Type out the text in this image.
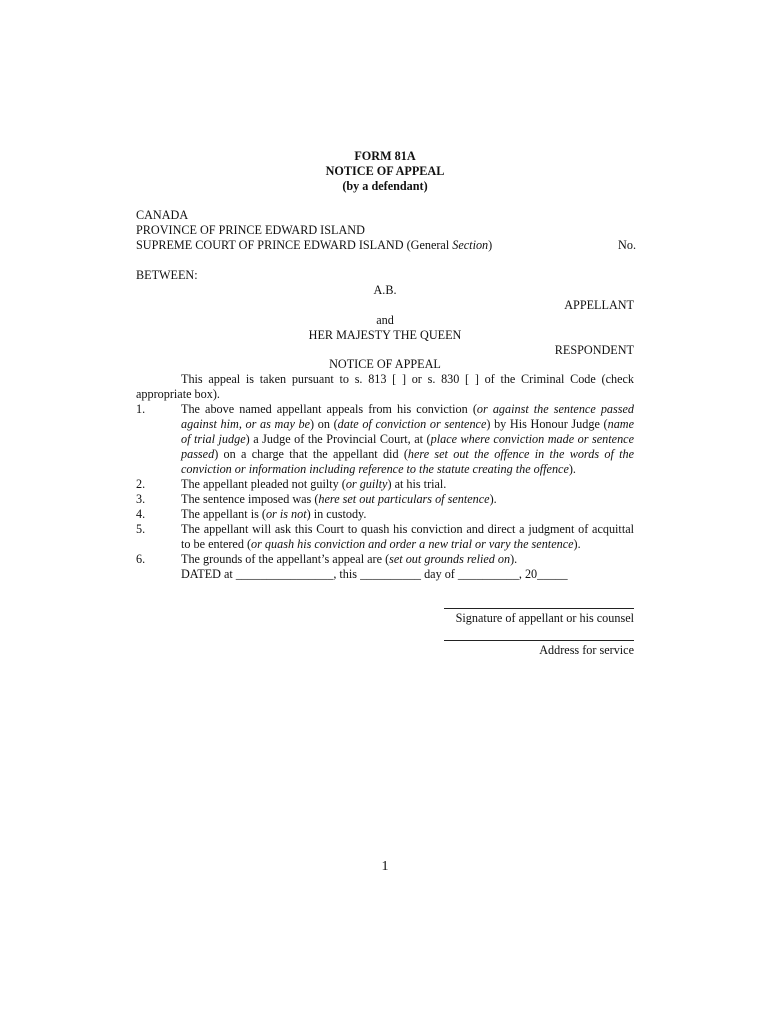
FORM 81A
NOTICE OF APPEAL
(by a defendant)
CANADA
PROVINCE OF PRINCE EDWARD ISLAND
SUPREME COURT OF PRINCE EDWARD ISLAND (General Section)	No.
BETWEEN:
A.B.
APPELLANT
and
HER MAJESTY THE QUEEN
RESPONDENT
NOTICE OF APPEAL
This appeal is taken pursuant to s. 813 [ ] or s. 830 [ ] of the Criminal Code (check appropriate box).
1.	The above named appellant appeals from his conviction (or against the sentence passed against him, or as may be) on (date of conviction or sentence) by His Honour Judge (name of trial judge) a Judge of the Provincial Court, at (place where conviction made or sentence passed) on a charge that the appellant did (here set out the offence in the words of the conviction or information including reference to the statute creating the offence).
2.	The appellant pleaded not guilty (or guilty) at his trial.
3.	The sentence imposed was (here set out particulars of sentence).
4.	The appellant is (or is not) in custody.
5.	The appellant will ask this Court to quash his conviction and direct a judgment of acquittal to be entered (or quash his conviction and order a new trial or vary the sentence).
6.	The grounds of the appellant’s appeal are (set out grounds relied on).
DATED at ________________, this __________ day of __________, 20_____
Signature of appellant or his counsel
Address for service
1
